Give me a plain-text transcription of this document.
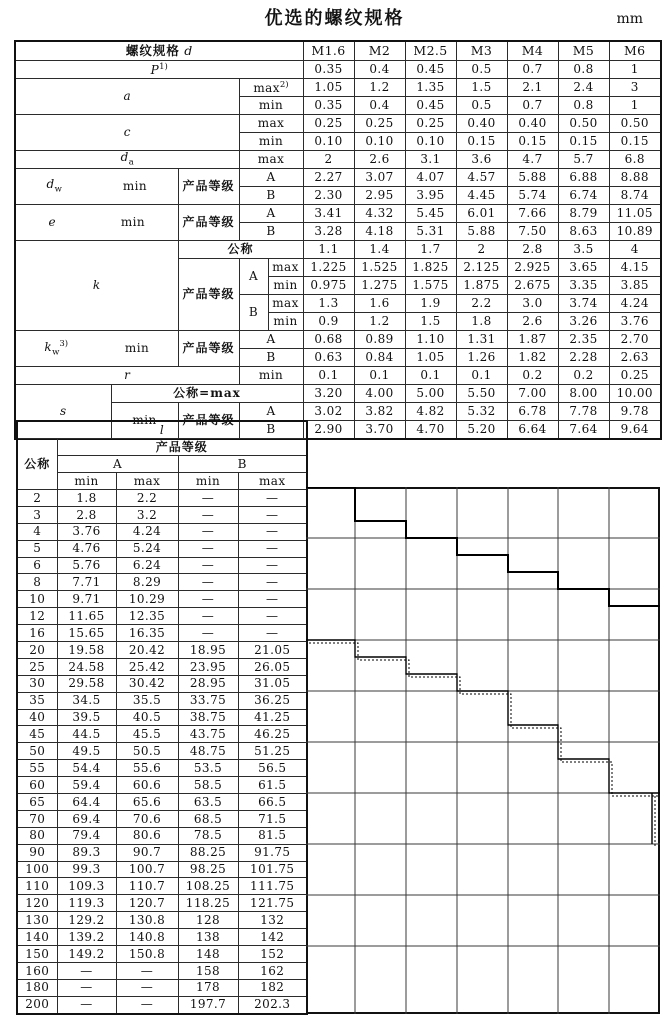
优选的螺纹规格	mm
螺纹规格 d					M1.6	M2	M2.5	M3	M4	M5	M6
$P^{1)}$					0.35	0.4	0.45	0.5	0.7	0.8	1
a			$\max^{2)}$		1.05	1.2	1.35	1.5	2.1	2.4	3
			min		0.35	0.4	0.45	0.5	0.7	0.8	1
c			max		0.25	0.25	0.25	0.40	0.40	0.50	0.50
			min		0.10	0.10	0.10	0.15	0.15	0.15	0.15
$d_a$			max		2	2.6	3.1	3.6	4.7	5.7	6.8

$d_w$ min		产品等级	A		2.27	3.07	4.07	4.57	5.88	6.88	8.88
			B		2.30	2.95	3.95	4.45	5.74	6.74	8.74

e min		产品等级	A		3.41	4.32	5.45	6.01	7.66	8.79	11.05
			B		3.28	4.18	5.31	5.88	7.50	8.63	10.89
k		公称			1.1	1.4	1.7	2	2.8	3.5	4
		产品等级	A	max	1.225	1.525	1.825	2.125	2.925	3.65	4.15
				min	0.975	1.275	1.575	1.875	2.675	3.35	3.85
			B	max	1.3	1.6	1.9	2.2	3.0	3.74	4.24
				min	0.9	1.2	1.5	1.8	2.6	3.26	3.76

$k_w^{3)}$ min		产品等级	A		0.68	0.89	1.10	1.31	1.87	2.35	2.70
			B		0.63	0.84	1.05	1.26	1.82	2.28	2.63
r			min		0.1	0.1	0.1	0.1	0.2	0.2	0.25
s	公称=max				3.20	4.00	5.00	5.50	7.00	8.00	10.00
	min	产品等级	A		3.02	3.82	4.82	5.32	6.78	7.78	9.78
			B		2.90	3.70	4.70	5.20	6.64	7.64	9.64
l				
公称	产品等级			
	A		B	
	min	max	min	max
2	1.8	2.2	—	—
3	2.8	3.2	—	—
4	3.76	4.24	—	—
5	4.76	5.24	—	—
6	5.76	6.24	—	—
8	7.71	8.29	—	—
10	9.71	10.29	—	—
12	11.65	12.35	—	—
16	15.65	16.35	—	—
20	19.58	20.42	18.95	21.05
25	24.58	25.42	23.95	26.05
30	29.58	30.42	28.95	31.05
35	34.5	35.5	33.75	36.25
40	39.5	40.5	38.75	41.25
45	44.5	45.5	43.75	46.25
50	49.5	50.5	48.75	51.25
55	54.4	55.6	53.5	56.5
60	59.4	60.6	58.5	61.5
65	64.4	65.6	63.5	66.5
70	69.4	70.6	68.5	71.5
80	79.4	80.6	78.5	81.5
90	89.3	90.7	88.25	91.75
100	99.3	100.7	98.25	101.75
110	109.3	110.7	108.25	111.75
120	119.3	120.7	118.25	121.75
130	129.2	130.8	128	132
140	139.2	140.8	138	142
150	149.2	150.8	148	152
160	—	—	158	162
180	—	—	178	182
200	—	—	197.7	202.3
